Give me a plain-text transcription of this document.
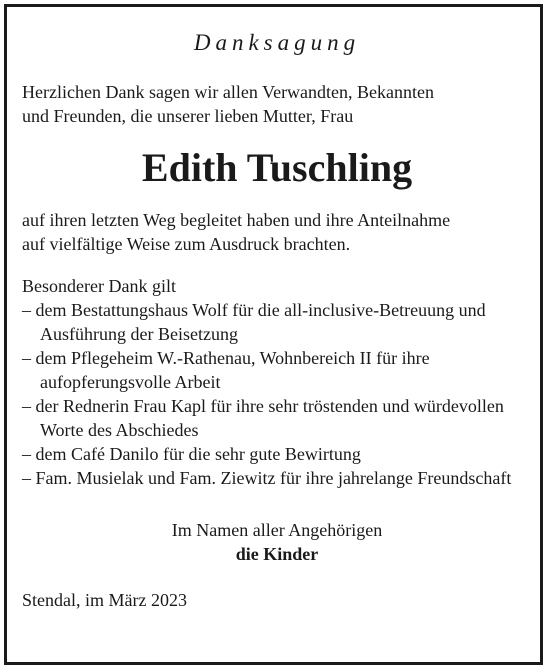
Danksagung
Herzlichen Dank sagen wir allen Verwandten, Bekannten
und Freunden, die unserer lieben Mutter, Frau
Edith Tuschling
auf ihren letzten Weg begleitet haben und ihre Anteilnahme
auf vielfältige Weise zum Ausdruck brachten.
Besonderer Dank gilt
– dem Bestattungshaus Wolf für die all-inclusive-Betreuung und Ausführung der Beisetzung
– dem Pflegeheim W.-Rathenau, Wohnbereich II für ihre aufopferungsvolle Arbeit
– der Rednerin Frau Kapl für ihre sehr tröstenden und würdevollen Worte des Abschiedes
– dem Café Danilo für die sehr gute Bewirtung
– Fam. Musielak und Fam. Ziewitz für ihre jahrelange Freundschaft
Im Namen aller Angehörigen
die Kinder
Stendal, im März 2023
